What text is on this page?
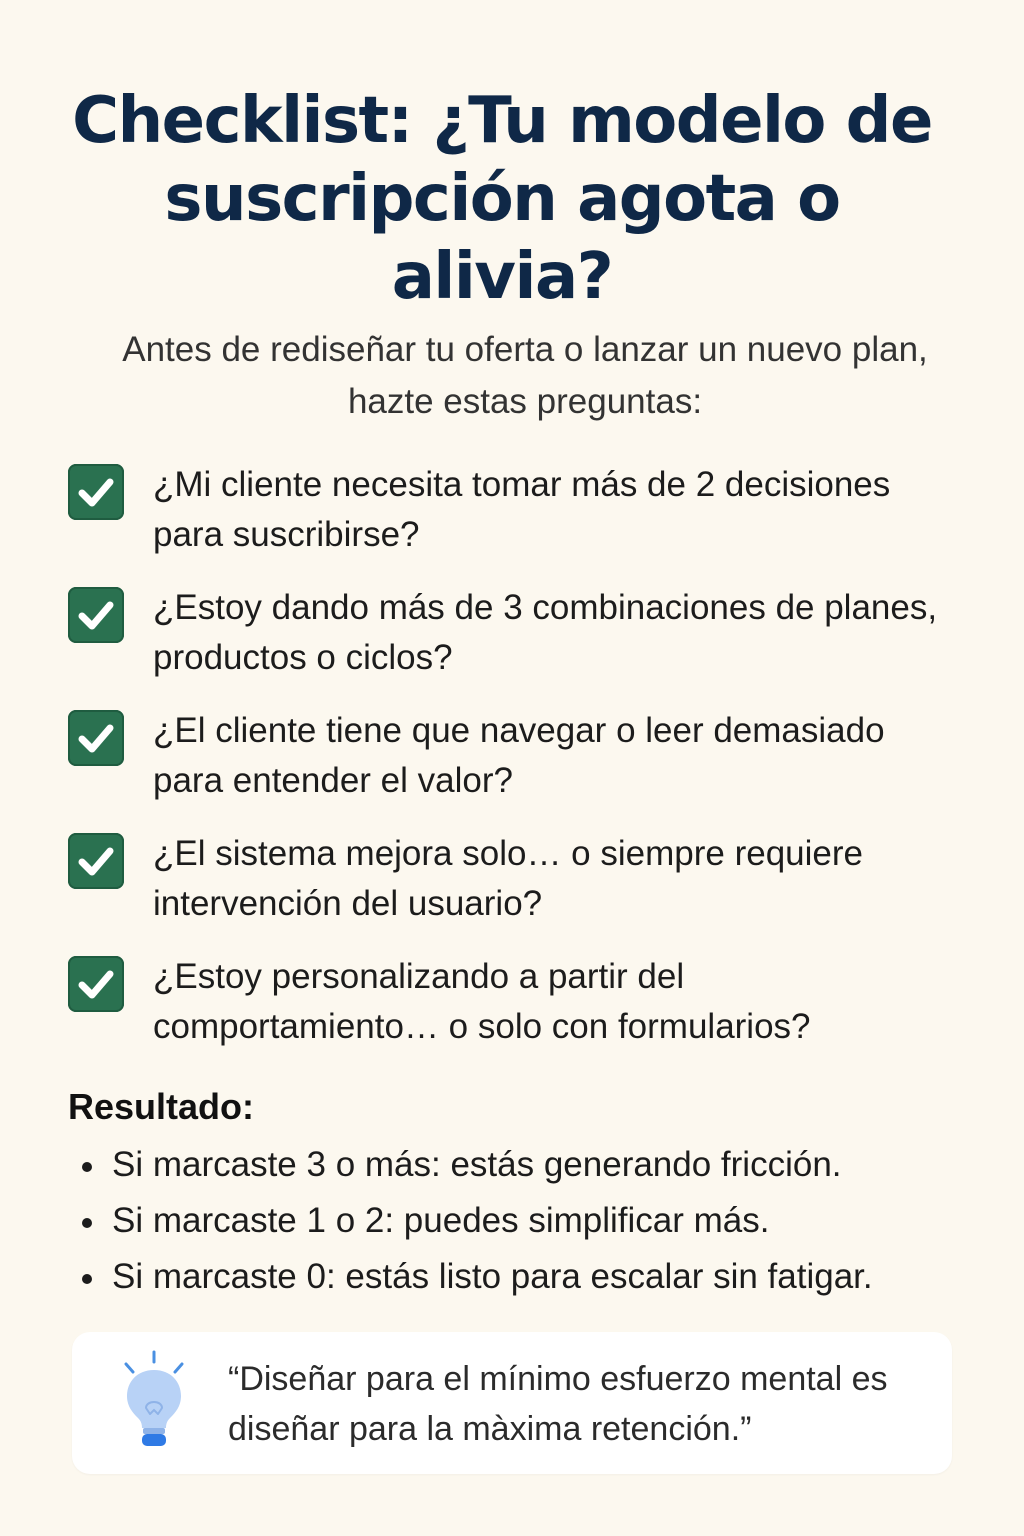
Checklist: ¿Tu modelo de suscripción agota o alivia?

Antes de rediseñar tu oferta o lanzar un nuevo plan, hazte estas preguntas:

¿Mi cliente necesita tomar más de 2 decisiones para suscribirse?
¿Estoy dando más de 3 combinaciones de planes, productos o ciclos?
¿El cliente tiene que navegar o leer demasiado para entender el valor?
¿El sistema mejora solo… o siempre requiere intervención del usuario?
¿Estoy personalizando a partir del comportamiento… o solo con formularios?
Resultado:
Si marcaste 3 o más: estás generando fricción.
Si marcaste 1 o 2: puedes simplificar más.
Si marcaste 0: estás listo para escalar sin fatigar.
“Diseñar para el mínimo esfuerzo mental es diseñar para la màxima retención.”
